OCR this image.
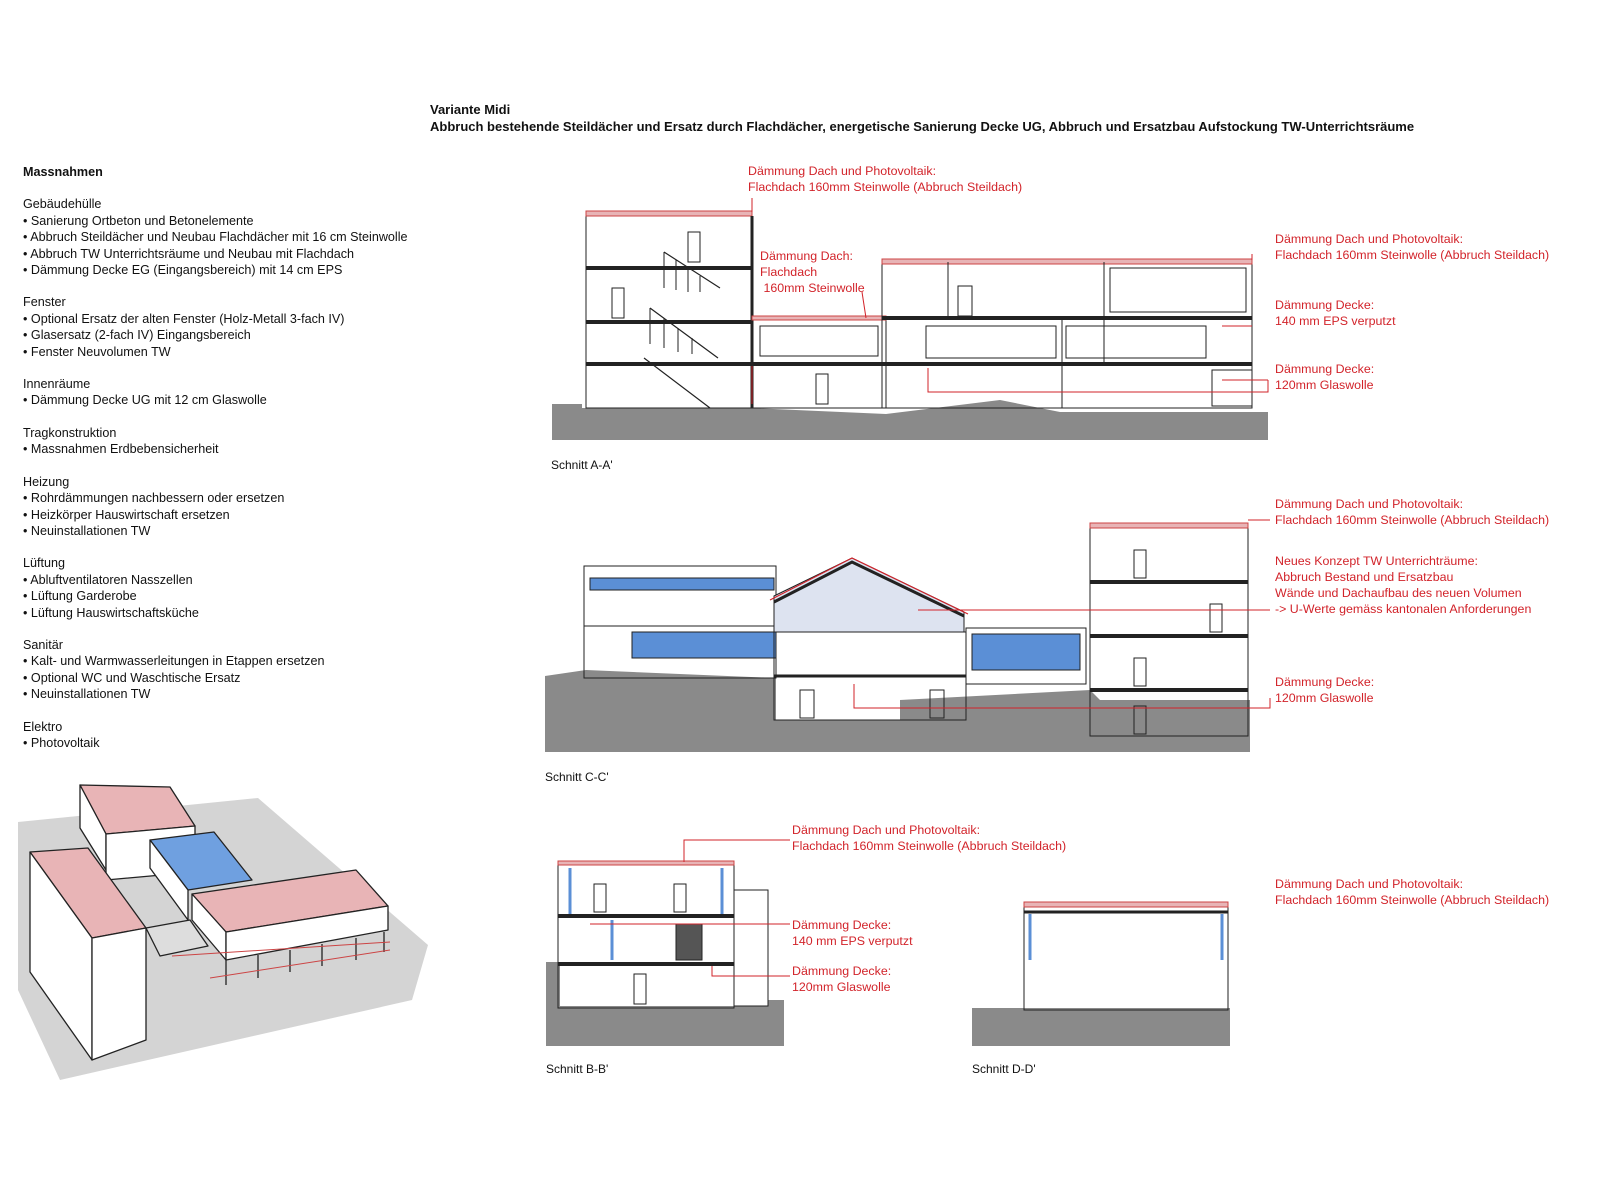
Variante Midi
Abbruch bestehende Steildächer und Ersatz durch Flachdächer, energetische Sanierung Decke UG, Abbruch und Ersatzbau Aufstockung TW-Unterrichtsräume
Massnahmen
Gebäudehülle
• Sanierung Ortbeton und Betonelemente
• Abbruch Steildächer und Neubau Flachdächer mit 16 cm Steinwolle
• Abbruch TW Unterrichtsräume und Neubau mit Flachdach
• Dämmung Decke EG (Eingangsbereich) mit 14 cm EPS
Fenster
• Optional Ersatz der alten Fenster (Holz-Metall 3-fach IV)
• Glasersatz (2-fach IV) Eingangsbereich
• Fenster Neuvolumen TW
Innenräume
• Dämmung Decke UG mit 12 cm Glaswolle
Tragkonstruktion
• Massnahmen Erdbebensicherheit
Heizung
• Rohrdämmungen nachbessern oder ersetzen
• Heizkörper Hauswirtschaft ersetzen
• Neuinstallationen TW
Lüftung
• Abluftventilatoren Nasszellen
• Lüftung Garderobe
• Lüftung Hauswirtschaftsküche
Sanitär
• Kalt- und Warmwasserleitungen in Etappen ersetzen
• Optional WC und Waschtische Ersatz
• Neuinstallationen TW
Elektro
• Photovoltaik
Dämmung Dach und Photovoltaik:
Flachdach 160mm Steinwolle (Abbruch Steildach)
Dämmung Dach:
Flachdach
160mm Steinwolle
Dämmung Dach und Photovoltaik:
Flachdach 160mm Steinwolle (Abbruch Steildach)
Dämmung Decke:
140 mm EPS verputzt
Dämmung Decke:
120mm Glaswolle
Schnitt A-A'
Dämmung Dach und Photovoltaik:
Flachdach 160mm Steinwolle (Abbruch Steildach)
Neues Konzept TW Unterrichträume:
Abbruch Bestand und Ersatzbau
Wände und Dachaufbau des neuen Volumen
-> U-Werte gemäss kantonalen Anforderungen
Dämmung Decke:
120mm Glaswolle
Schnitt C-C'
Dämmung Dach und Photovoltaik:
Flachdach 160mm Steinwolle (Abbruch Steildach)
Dämmung Decke:
140 mm EPS verputzt
Dämmung Decke:
120mm Glaswolle
Schnitt B-B'
Dämmung Dach und Photovoltaik:
Flachdach 160mm Steinwolle (Abbruch Steildach)
Schnitt D-D'
